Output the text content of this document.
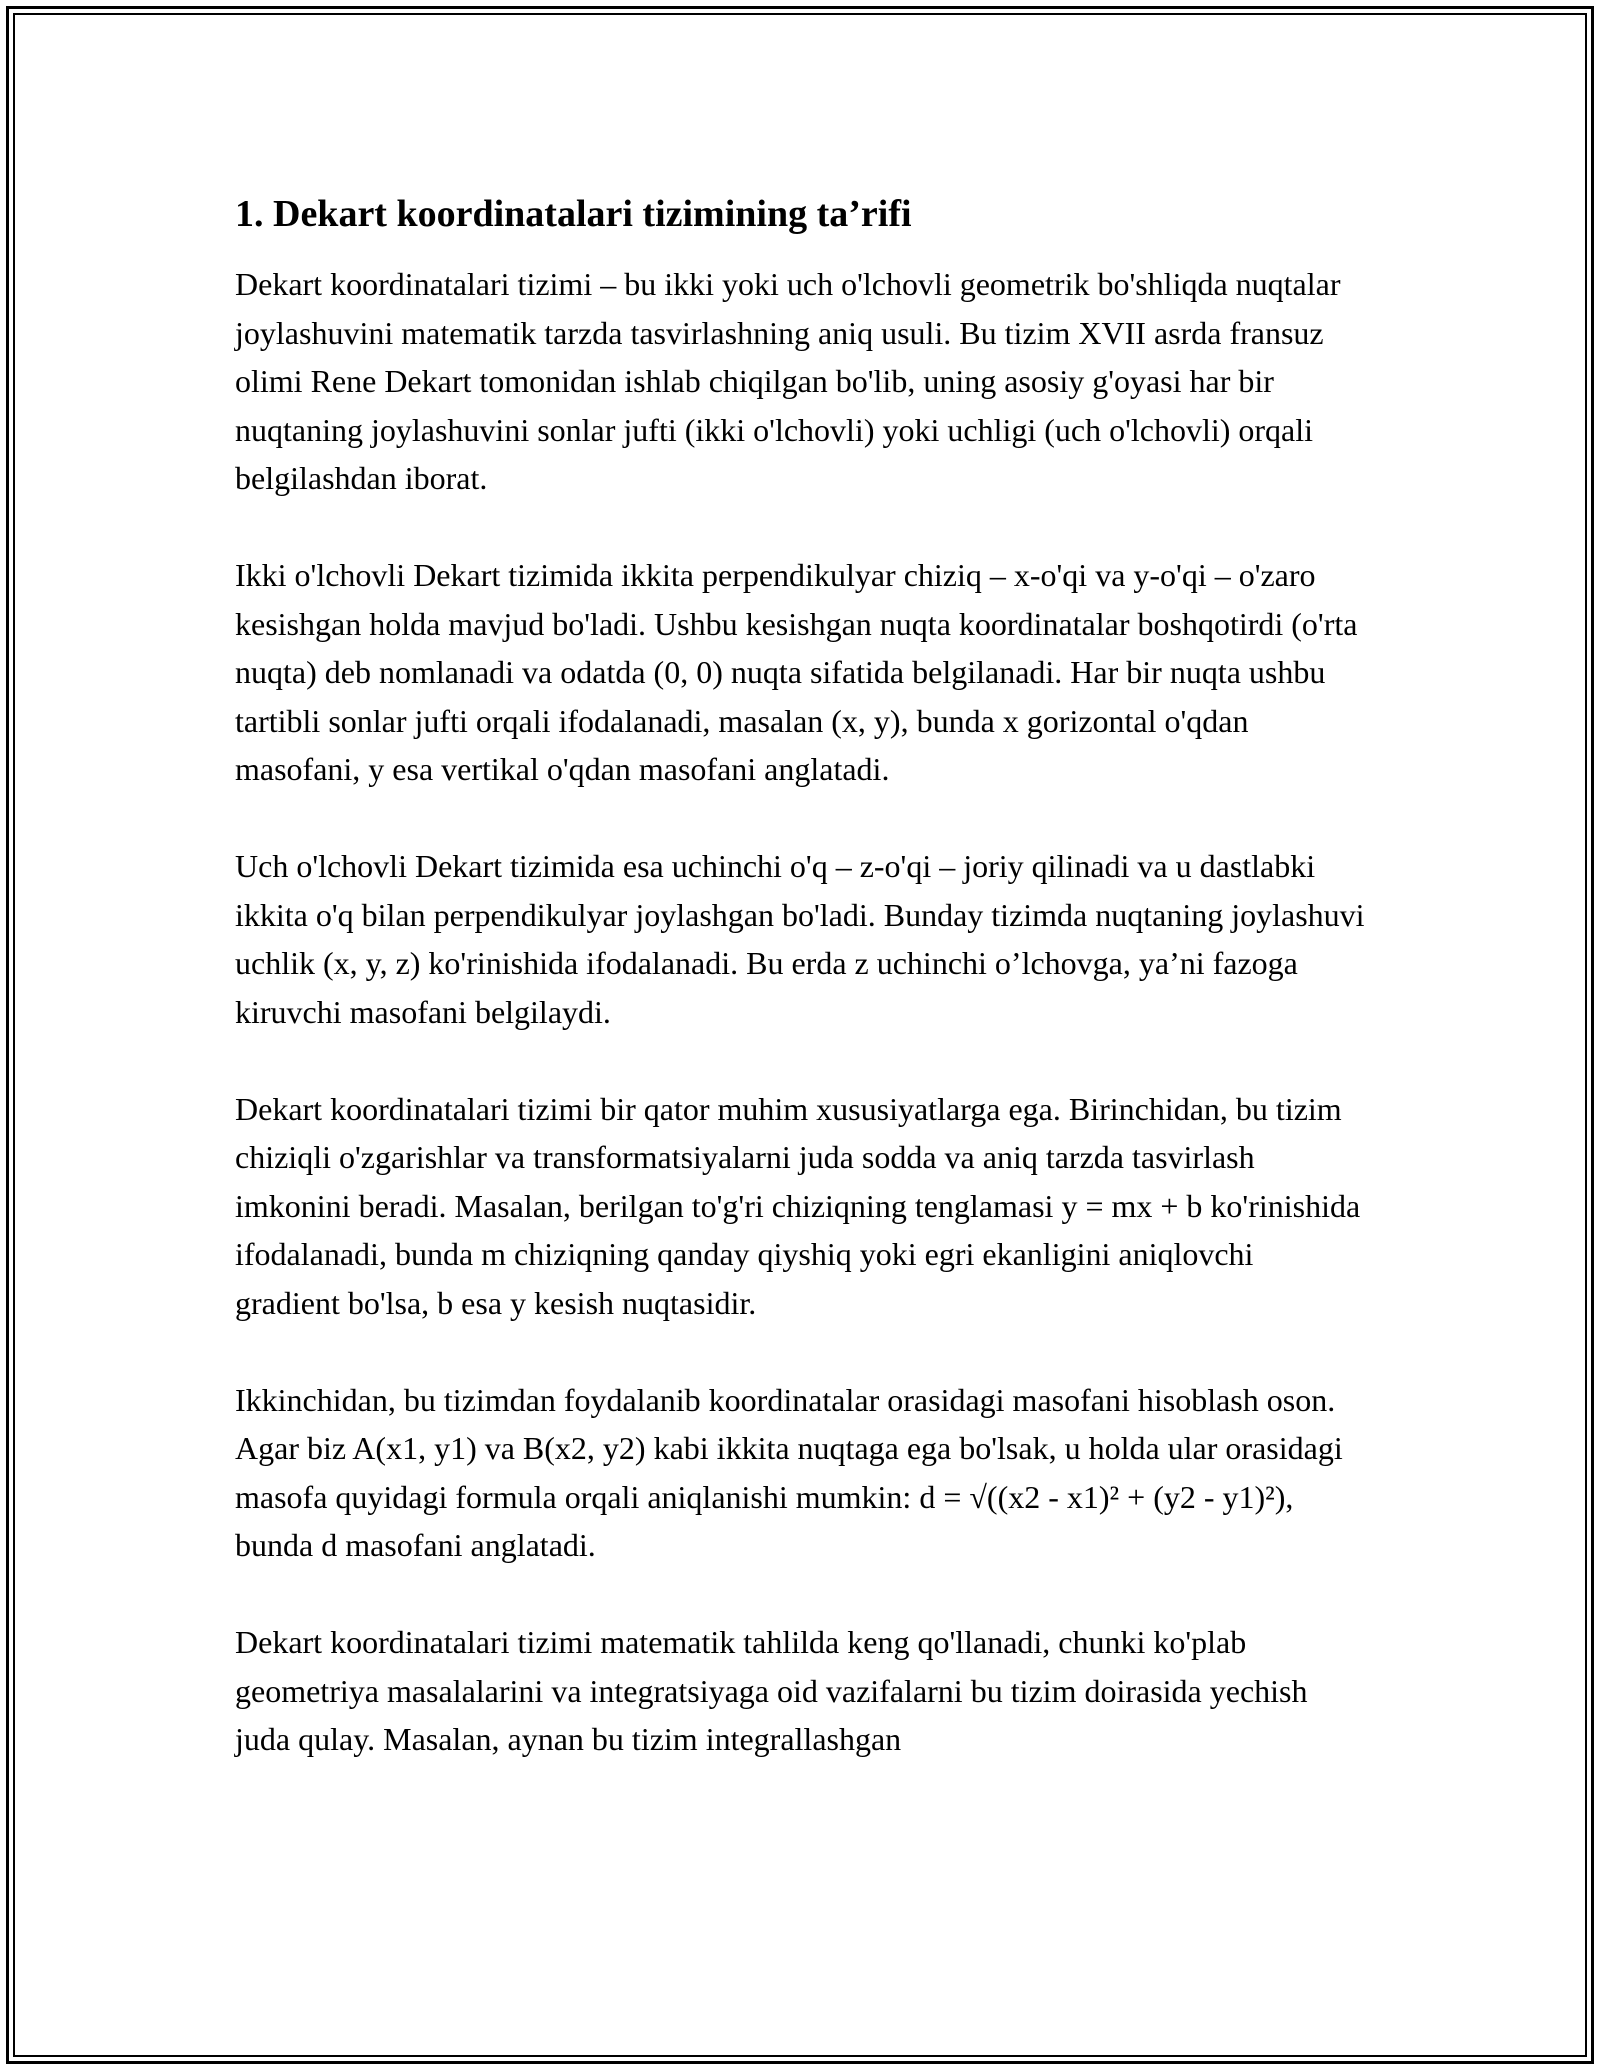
1. Dekart koordinatalari tizimining ta’rifi

Dekart koordinatalari tizimi – bu ikki yoki uch o'lchovli geometrik bo'shliqda nuqtalar joylashuvini matematik tarzda tasvirlashning aniq usuli. Bu tizim XVII asrda fransuz olimi Rene Dekart tomonidan ishlab chiqilgan bo'lib, uning asosiy g'oyasi har bir nuqtaning joylashuvini sonlar jufti (ikki o'lchovli) yoki uchligi (uch o'lchovli) orqali belgilashdan iborat.

Ikki o'lchovli Dekart tizimida ikkita perpendikulyar chiziq – x-o'qi va y-o'qi – o'zaro kesishgan holda mavjud bo'ladi. Ushbu kesishgan nuqta koordinatalar boshqotirdi (o'rta nuqta) deb nomlanadi va odatda (0, 0) nuqta sifatida belgilanadi. Har bir nuqta ushbu tartibli sonlar jufti orqali ifodalanadi, masalan (x, y), bunda x gorizontal o'qdan masofani, y esa vertikal o'qdan masofani anglatadi.

Uch o'lchovli Dekart tizimida esa uchinchi o'q – z-o'qi – joriy qilinadi va u dastlabki ikkita o'q bilan perpendikulyar joylashgan bo'ladi. Bunday tizimda nuqtaning joylashuvi uchlik (x, y, z) ko'rinishida ifodalanadi. Bu erda z uchinchi o’lchovga, ya’ni fazoga kiruvchi masofani belgilaydi.

Dekart koordinatalari tizimi bir qator muhim xususiyatlarga ega. Birinchidan, bu tizim chiziqli o'zgarishlar va transformatsiyalarni juda sodda va aniq tarzda tasvirlash imkonini beradi. Masalan, berilgan to'g'ri chiziqning tenglamasi y = mx + b ko'rinishida ifodalanadi, bunda m chiziqning qanday qiyshiq yoki egri ekanligini aniqlovchi gradient bo'lsa, b esa y kesish nuqtasidir.

Ikkinchidan, bu tizimdan foydalanib koordinatalar orasidagi masofani hisoblash oson. Agar biz A(x1, y1) va B(x2, y2) kabi ikkita nuqtaga ega bo'lsak, u holda ular orasidagi masofa quyidagi formula orqali aniqlanishi mumkin: d = √((x2 - x1)² + (y2 - y1)²), bunda d masofani anglatadi.

Dekart koordinatalari tizimi matematik tahlilda keng qo'llanadi, chunki ko'plab geometriya masalalarini va integratsiyaga oid vazifalarni bu tizim doirasida yechish juda qulay. Masalan, aynan bu tizim integrallashgan
